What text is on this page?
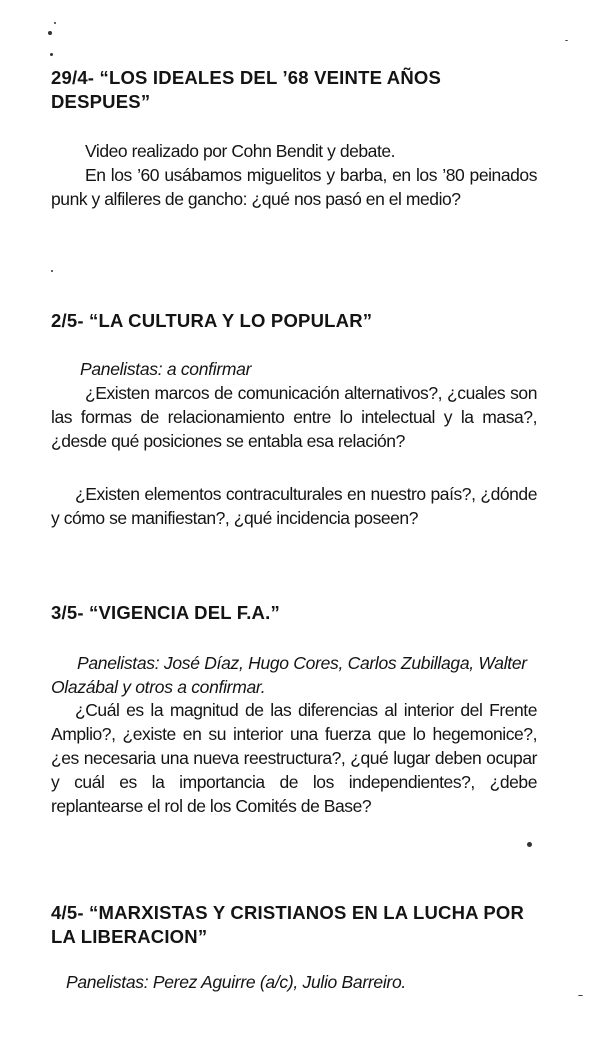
29/4- “LOS IDEALES DEL ’68 VEINTE AÑOS DESPUES”

Video realizado por Cohn Bendit y debate.

En los ’60 usábamos miguelitos y barba, en los ’80 peinados punk y alfileres de gancho: ¿qué nos pasó en el medio?

2/5- “LA CULTURA Y LO POPULAR”

Panelistas: a confirmar

¿Existen marcos de comunicación alternativos?, ¿cuales son las formas de relacionamiento entre lo intelectual y la masa?, ¿desde qué posiciones se entabla esa relación?

¿Existen elementos contraculturales en nuestro país?, ¿dónde y cómo se manifiestan?, ¿qué incidencia poseen?

3/5- “VIGENCIA DEL F.A.”

Panelistas: José Díaz, Hugo Cores, Carlos Zubillaga, Walter Olazábal y otros a confirmar.

¿Cuál es la magnitud de las diferencias al interior del Frente Amplio?, ¿existe en su interior una fuerza que lo hegemonice?, ¿es necesaria una nueva reestructura?, ¿qué lugar deben ocupar y cuál es la importancia de los independientes?, ¿debe replantearse el rol de los Comités de Base?

4/5- “MARXISTAS Y CRISTIANOS EN LA LUCHA POR LA LIBERACION”

Panelistas: Perez Aguirre (a/c), Julio Barreiro.
